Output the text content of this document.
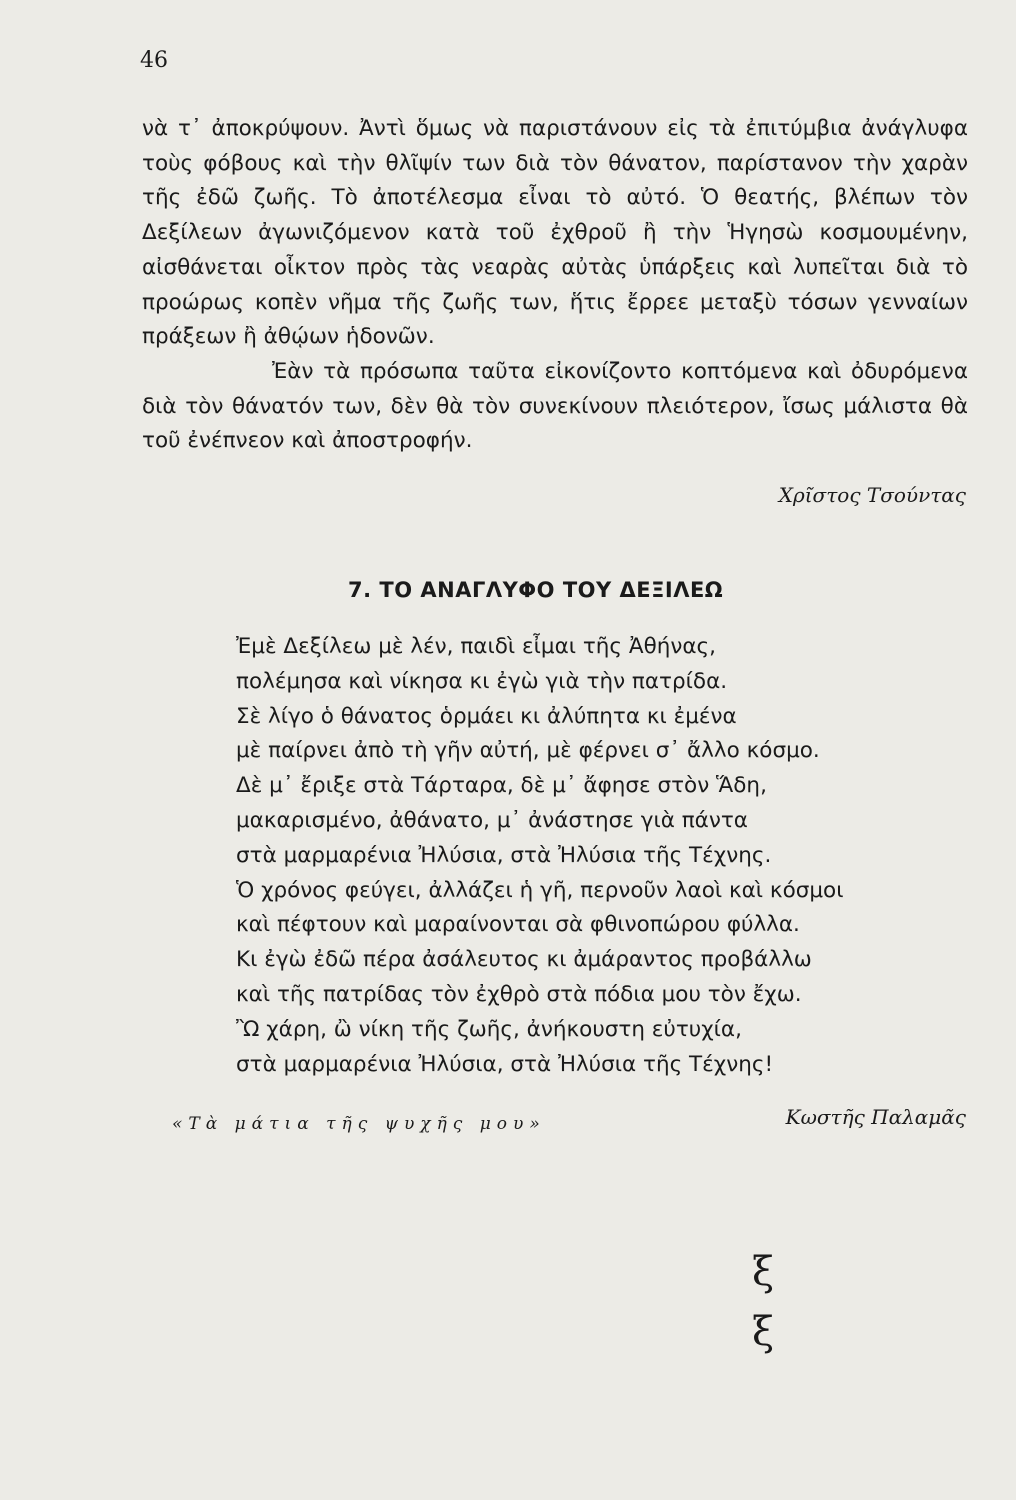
46

νὰ τ᾽ ἀποκρύψουν. Ἀντὶ ὅμως νὰ παριστάνουν εἰς τὰ ἐπιτύμβια ἀνάγλυφα τοὺς φόβους καὶ τὴν θλῖψίν των διὰ τὸν θάνατον, παρίστανον τὴν χαρὰν τῆς ἐδῶ ζωῆς. Τὸ ἀποτέλεσμα εἶναι τὸ αὐτό. Ὁ θεατής, βλέπων τὸν Δεξίλεων ἀγωνιζόμενον κατὰ τοῦ ἐχθροῦ ἢ τὴν Ἡγησὼ κοσμουμένην, αἰσθάνεται οἶκτον πρὸς τὰς νεαρὰς αὐτὰς ὑπάρξεις καὶ λυπεῖται διὰ τὸ προώρως κοπὲν νῆμα τῆς ζωῆς των, ἥτις ἔρρεε μεταξὺ τόσων γενναίων πράξεων ἢ ἀθῴων ἡδονῶν.

Ἐὰν τὰ πρόσωπα ταῦτα εἰκονίζοντο κοπτόμενα καὶ ὀδυρόμενα διὰ τὸν θάνατόν των, δὲν θὰ τὸν συνεκίνουν πλειότερον, ἴσως μάλιστα θὰ τοῦ ἐνέπνεον καὶ ἀποστροφήν.

Χρῖστος Τσούντας
7. ΤΟ ΑΝΑΓΛΥΦΟ ΤΟΥ ΔΕΞΙΛΕΩ
Ἐμὲ Δεξίλεω μὲ λέν, παιδὶ εἶμαι τῆς Ἀθήνας,
πολέμησα καὶ νίκησα κι ἐγὼ γιὰ τὴν πατρίδα.
Σὲ λίγο ὁ θάνατος ὁρμάει κι ἀλύπητα κι ἐμένα
μὲ παίρνει ἀπὸ τὴ γῆν αὐτή, μὲ φέρνει σ᾽ ἄλλο κόσμο.
Δὲ μ᾽ ἔριξε στὰ Τάρταρα, δὲ μ᾽ ἄφησε στὸν Ἅδη,
μακαρισμένο, ἀθάνατο, μ᾽ ἀνάστησε γιὰ πάντα
στὰ μαρμαρένια Ἠλύσια, στὰ Ἠλύσια τῆς Τέχνης.
Ὁ χρόνος φεύγει, ἀλλάζει ἡ γῆ, περνοῦν λαοὶ καὶ κόσμοι
καὶ πέφτουν καὶ μαραίνονται σὰ φθινοπώρου φύλλα.
Κι ἐγὼ ἐδῶ πέρα ἀσάλευτος κι ἀμάραντος προβάλλω
καὶ τῆς πατρίδας τὸν ἐχθρὸ στὰ πόδια μου τὸν ἔχω.
Ὢ χάρη, ὢ νίκη τῆς ζωῆς, ἀνήκουστη εὐτυχία,
στὰ μαρμαρένια Ἠλύσια, στὰ Ἠλύσια τῆς Τέχνης!
«Τὰ μάτια τῆς ψυχῆς μου»	Κωστῆς Παλαμᾶς
ξ
ξ
